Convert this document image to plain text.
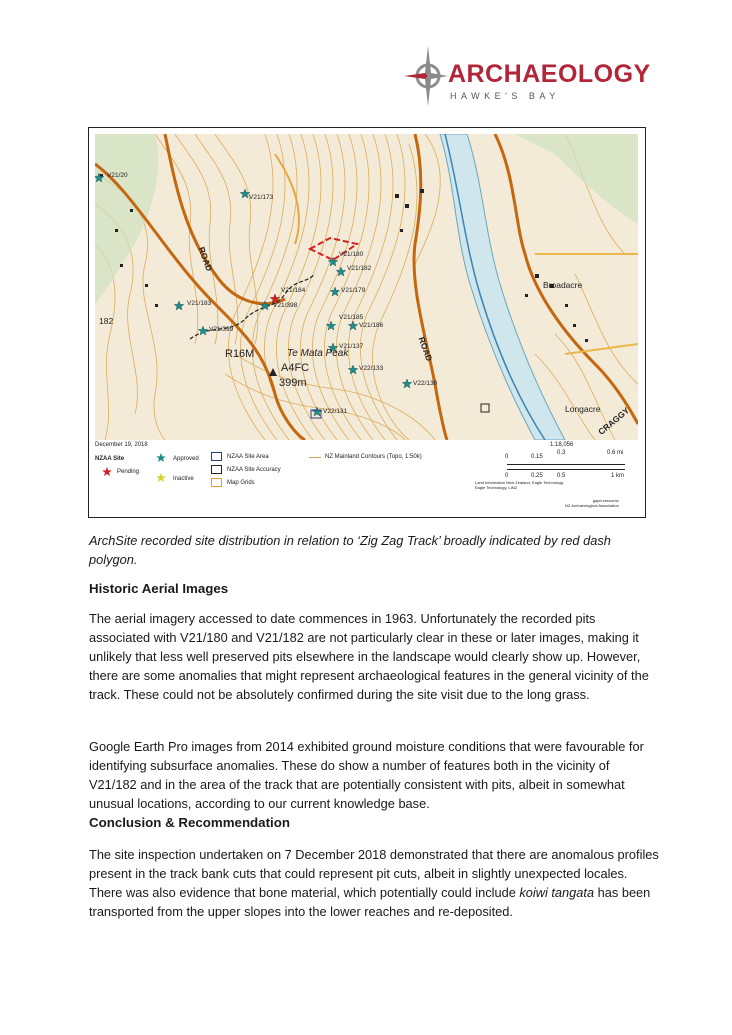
ARCHAEOLOGY
HAWKE'S BAY
V21/173
V21/180
V21/182
V21/179
V21/184
V21/398
V21/183
V21/399
V21/185
V21/186
V21/137
V22/133
V22/130
V22/131
V21/20
Broadacre
Longacre
CRAGGY
ROAD
ROAD
182
R16M
A4FC
399m
Te Mata Peak
December 19, 2018
NZAA Site
Pending
Approved
Inactive
NZAA Site Area
NZAA Site Accuracy
Map Grids
NZ Mainland Contours (Topo, 1:50k)
1:18,056
0	0.15
0.3	0.6 mi
0	0.25 0.5	1 km
Land Information New Zealand, Eagle Technology
Eagle Technology, LINZ
gapb.crescenz
NZ Archaeological Association
ArchSite recorded site distribution in relation to ‘Zig Zag Track’ broadly indicated by red dash polygon.
Historic Aerial Images

The aerial imagery accessed to date commences in 1963. Unfortunately the recorded pits associated with V21/180 and V21/182 are not particularly clear in these or later images, making it unlikely that less well preserved pits elsewhere in the landscape would clearly show up. However, there are some anomalies that might represent archaeological features in the general vicinity of the track. These could not be absolutely confirmed during the site visit due to the long grass.

Google Earth Pro images from 2014 exhibited ground moisture conditions that were favourable for identifying subsurface anomalies. These do show a number of features both in the vicinity of V21/182 and in the area of the track that are potentially consistent with pits, albeit in somewhat unusual locations, according to our current knowledge base.

Conclusion & Recommendation

The site inspection undertaken on 7 December 2018 demonstrated that there are anomalous profiles present in the track bank cuts that could represent pit cuts, albeit in slightly unexpected locales. There was also evidence that bone material, which potentially could include koiwi tangata has been transported from the upper slopes into the lower reaches and re-deposited.
